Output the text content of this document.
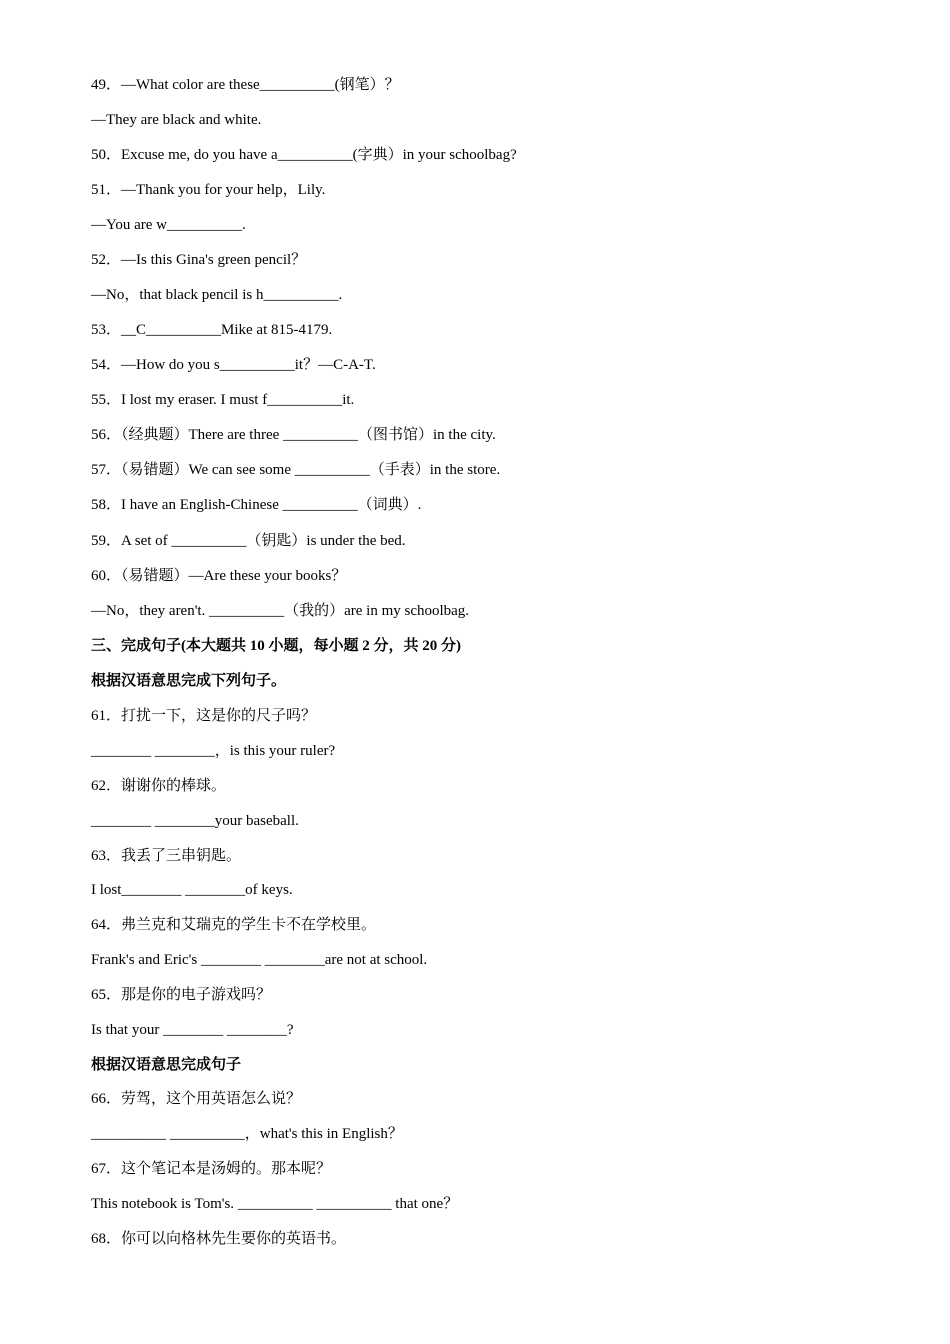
49．—What color are these__________(钢笔）？
—They are black and white.
50．Excuse me, do you have a__________(字典）in your schoolbag?
51．—Thank you for your help，Lily.
—You are w__________.
52．—Is this Gina's green pencil？
—No，that black pencil is h__________.
53．__C__________Mike at 815-4179.
54．—How do you s__________it？—C-A-T.
55．I lost my eraser. I must f__________it.
56．（经典题）There are three __________（图书馆）in the city.
57．（易错题）We can see some __________（手表）in the store.
58．I have an English-Chinese __________（词典）.
59．A set of __________（钥匙）is under the bed.
60．（易错题）—Are these your books？
—No，they aren't. __________（我的）are in my schoolbag.
三、完成句子(本大题共 10 小题，每小题 2 分，共 20 分)
根据汉语意思完成下列句子。
61．打扰一下，这是你的尺子吗？
________ ________，is this your ruler?
62．谢谢你的棒球。
________ ________your baseball.
63．我丢了三串钥匙。
I lost________ ________of keys.
64．弗兰克和艾瑞克的学生卡不在学校里。
Frank's and Eric's ________ ________are not at school.
65．那是你的电子游戏吗？
Is that your ________ ________?
根据汉语意思完成句子
66．劳驾，这个用英语怎么说？
__________ __________，what's this in English？
67．这个笔记本是汤姆的。那本呢？
This notebook is Tom's. __________ __________ that one？
68．你可以向格林先生要你的英语书。
